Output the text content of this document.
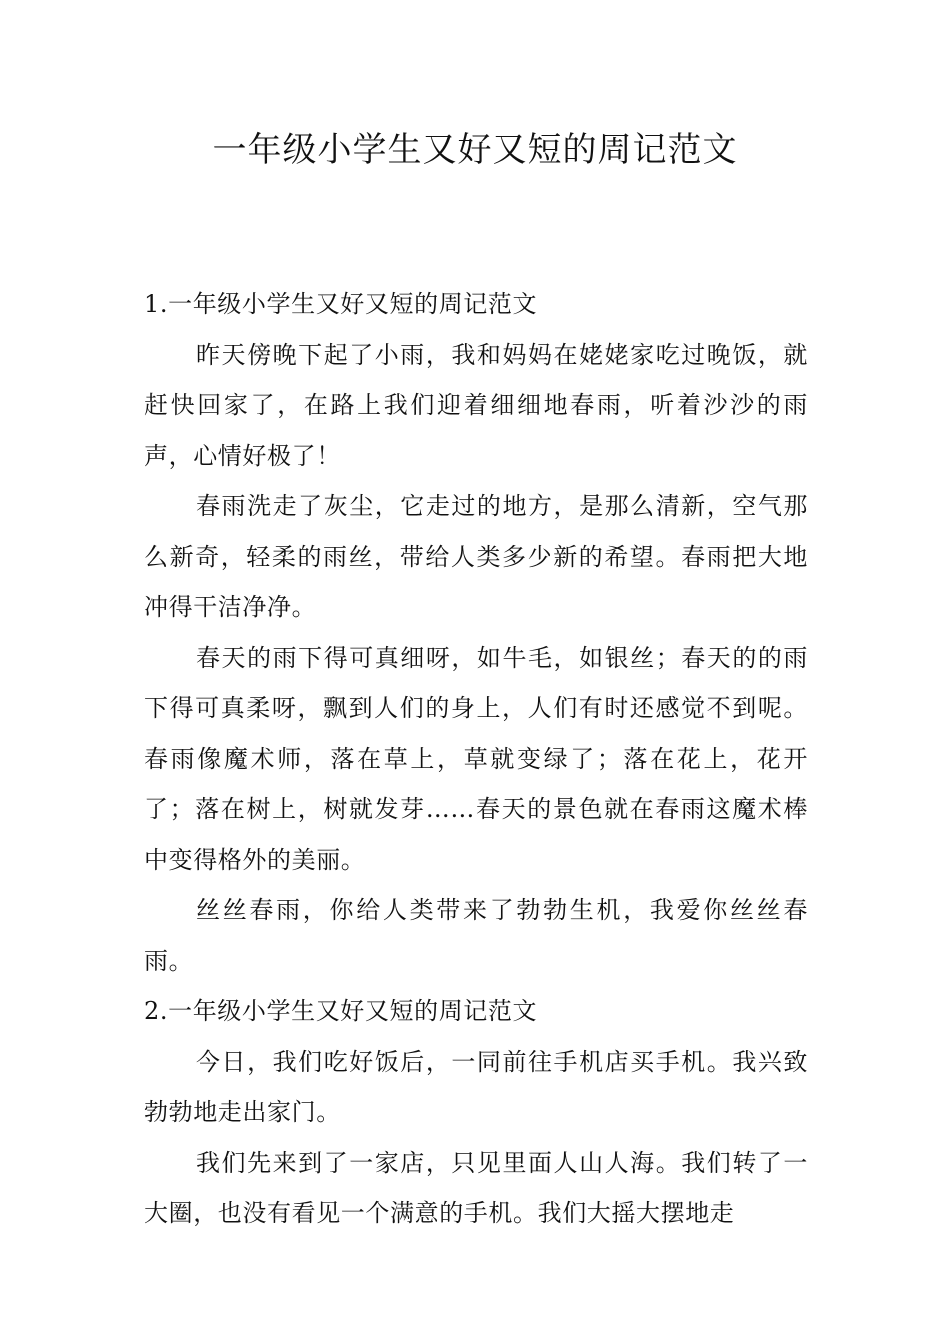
一年级小学生又好又短的周记范文

1.一年级小学生又好又短的周记范文

昨天傍晚下起了小雨，我和妈妈在姥姥家吃过晚饭，就赶快回家了，在路上我们迎着细细地春雨，听着沙沙的雨声，心情好极了！

春雨洗走了灰尘，它走过的地方，是那么清新，空气那么新奇，轻柔的雨丝，带给人类多少新的希望。春雨把大地冲得干洁净净。

春天的雨下得可真细呀，如牛毛，如银丝；春天的的雨下得可真柔呀，飘到人们的身上，人们有时还感觉不到呢。春雨像魔术师，落在草上，草就变绿了；落在花上，花开了；落在树上，树就发芽……春天的景色就在春雨这魔术棒中变得格外的美丽。

丝丝春雨，你给人类带来了勃勃生机，我爱你丝丝春雨。

2.一年级小学生又好又短的周记范文

今日，我们吃好饭后，一同前往手机店买手机。我兴致勃勃地走出家门。

我们先来到了一家店，只见里面人山人海。我们转了一大圈，也没有看见一个满意的手机。我们大摇大摆地走
